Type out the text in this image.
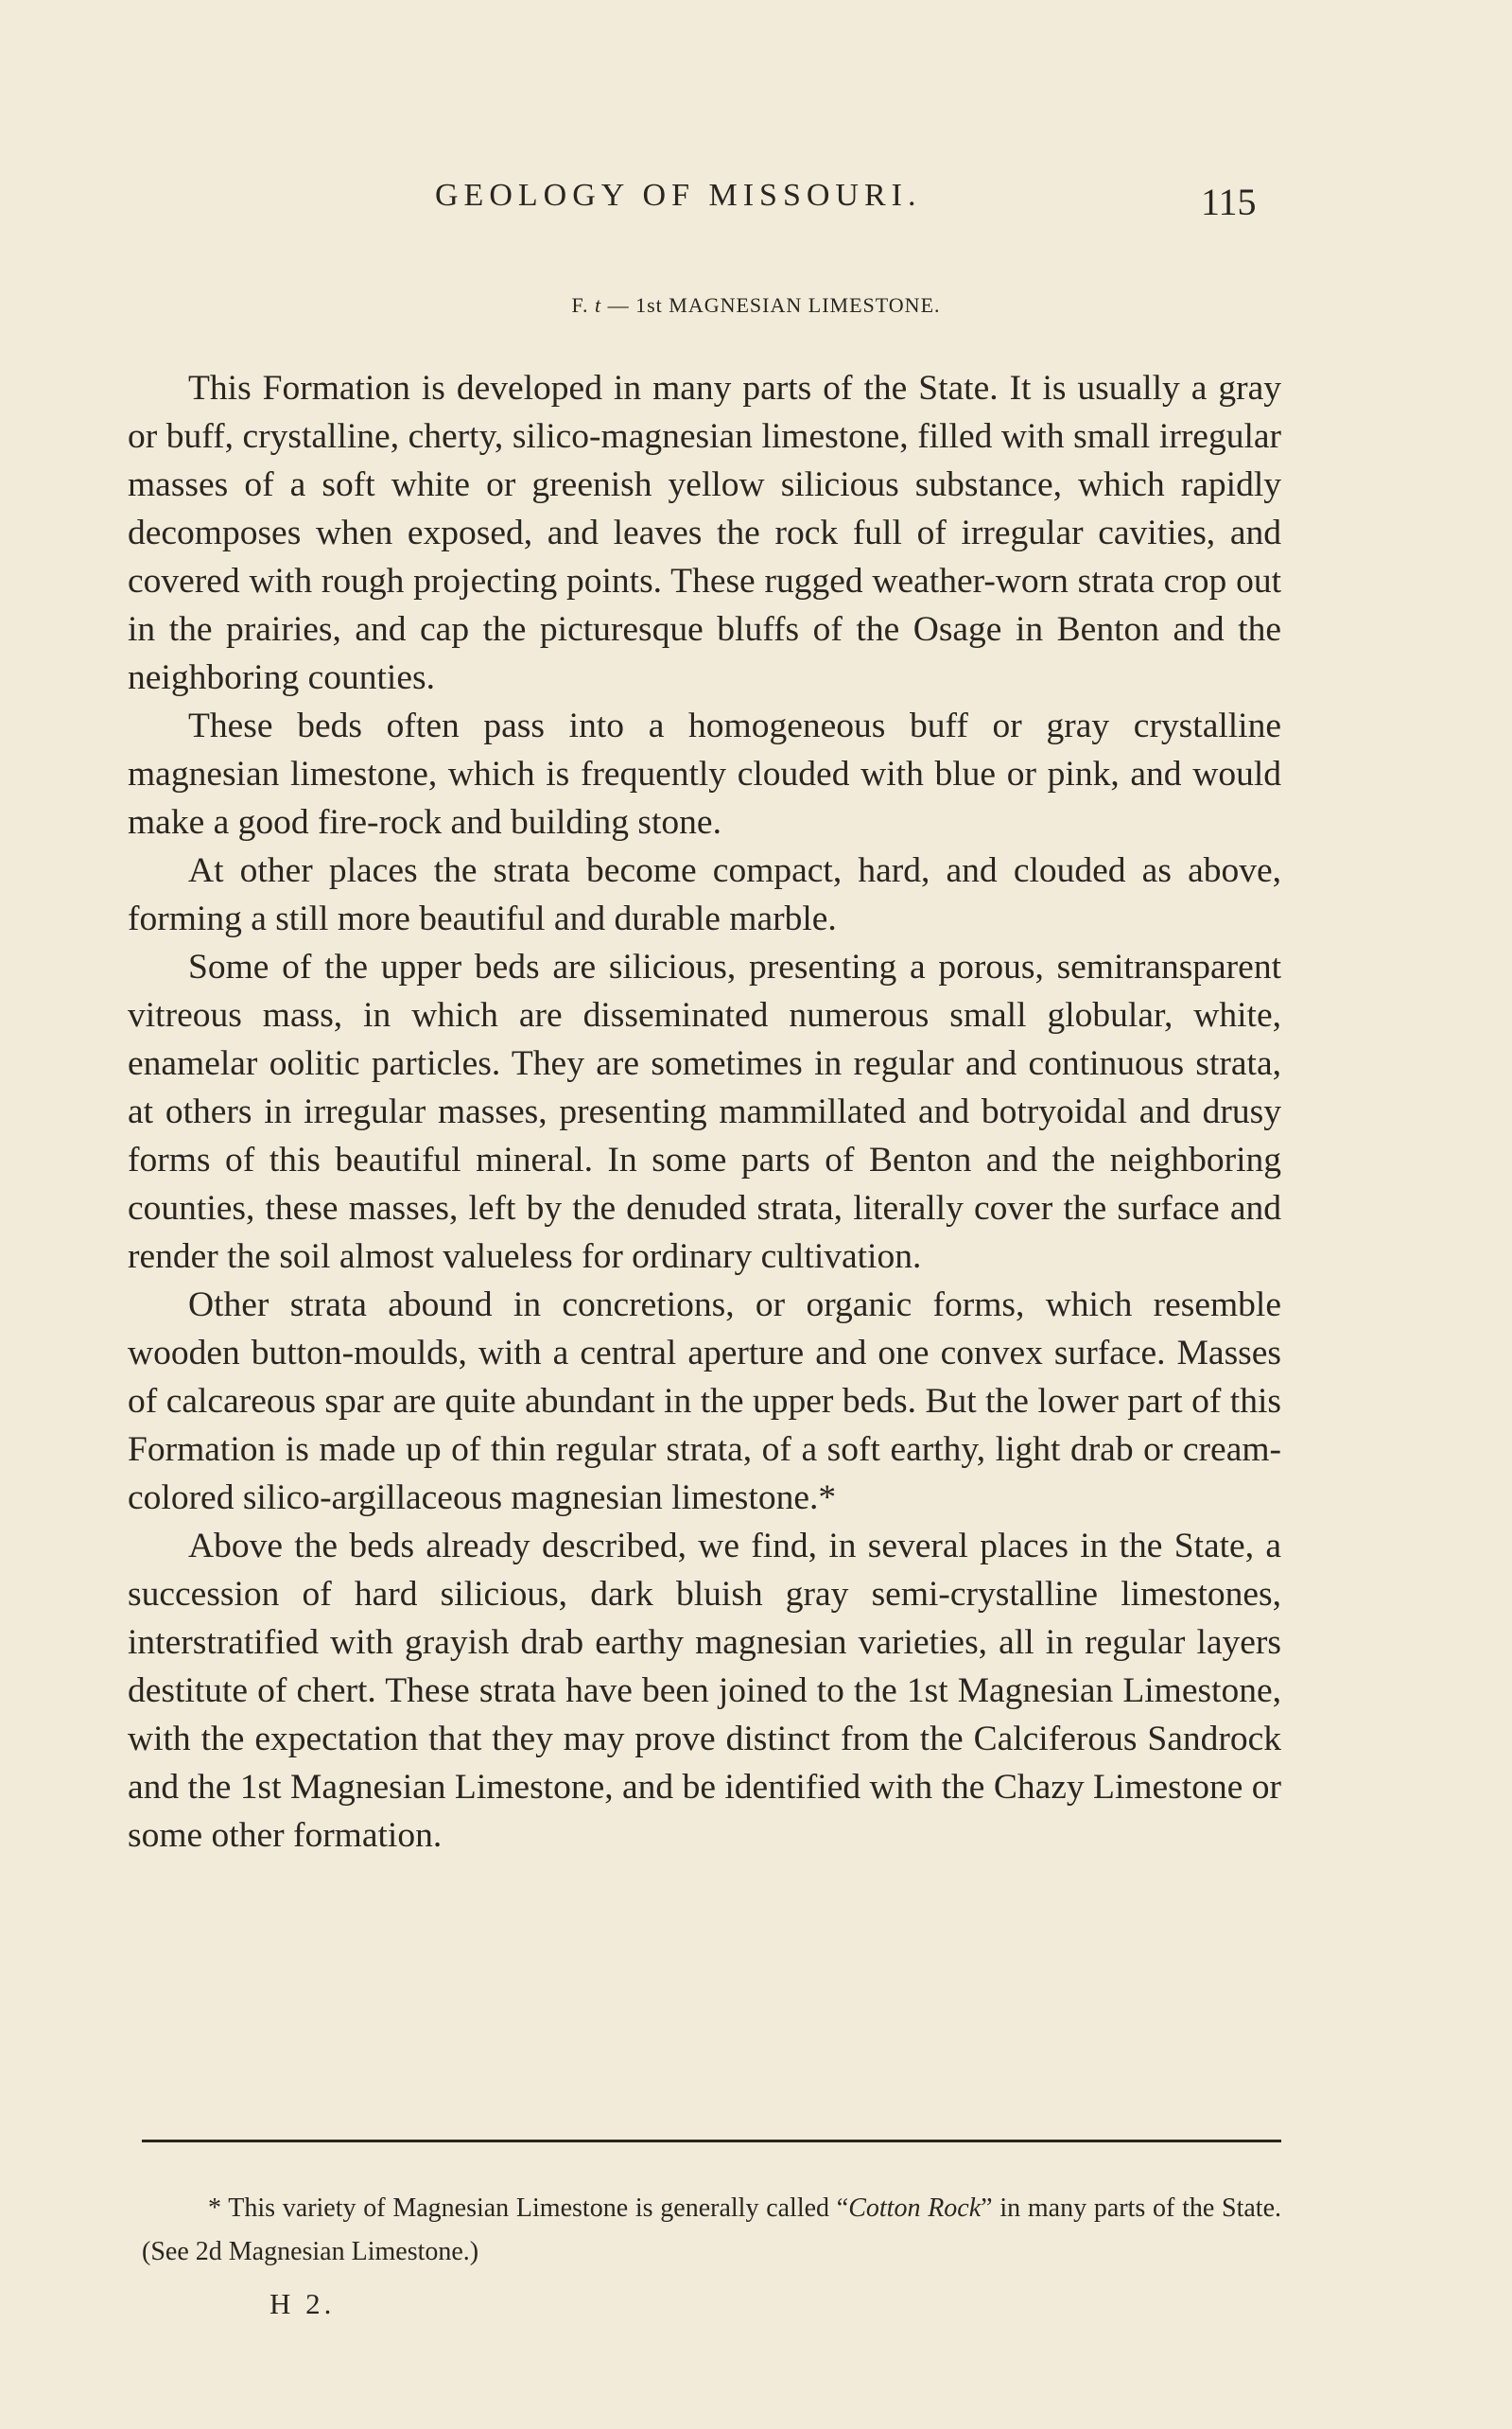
GEOLOGY OF MISSOURI.	115
F. t — 1st MAGNESIAN LIMESTONE.

This Formation is developed in many parts of the State. It is usually a gray or buff, crystalline, cherty, silico-magnesian limestone, filled with small irregular masses of a soft white or greenish yellow silicious substance, which rapidly decomposes when exposed, and leaves the rock full of irregular cavities, and covered with rough projecting points. These rugged weather-worn strata crop out in the prairies, and cap the picturesque bluffs of the Osage in Benton and the neighboring counties.

These beds often pass into a homogeneous buff or gray crystalline magnesian limestone, which is frequently clouded with blue or pink, and would make a good fire-rock and building stone.

At other places the strata become compact, hard, and clouded as above, forming a still more beautiful and durable marble.

Some of the upper beds are silicious, presenting a porous, semitransparent vitreous mass, in which are disseminated numerous small globular, white, enamelar oolitic particles. They are sometimes in regular and continuous strata, at others in irregular masses, presenting mammillated and botryoidal and drusy forms of this beautiful mineral. In some parts of Benton and the neighboring counties, these masses, left by the denuded strata, literally cover the surface and render the soil almost valueless for ordinary cultivation.

Other strata abound in concretions, or organic forms, which resemble wooden button-moulds, with a central aperture and one convex surface. Masses of calcareous spar are quite abundant in the upper beds. But the lower part of this Formation is made up of thin regular strata, of a soft earthy, light drab or cream-colored silico-argillaceous magnesian limestone.*

Above the beds already described, we find, in several places in the State, a succession of hard silicious, dark bluish gray semi-crystalline limestones, interstratified with grayish drab earthy magnesian varieties, all in regular layers destitute of chert. These strata have been joined to the 1st Magnesian Limestone, with the expectation that they may prove distinct from the Calciferous Sandrock and the 1st Magnesian Limestone, and be identified with the Chazy Limestone or some other formation.

* This variety of Magnesian Limestone is generally called “Cotton Rock” in many parts of the State. (See 2d Magnesian Limestone.)
H 2.
